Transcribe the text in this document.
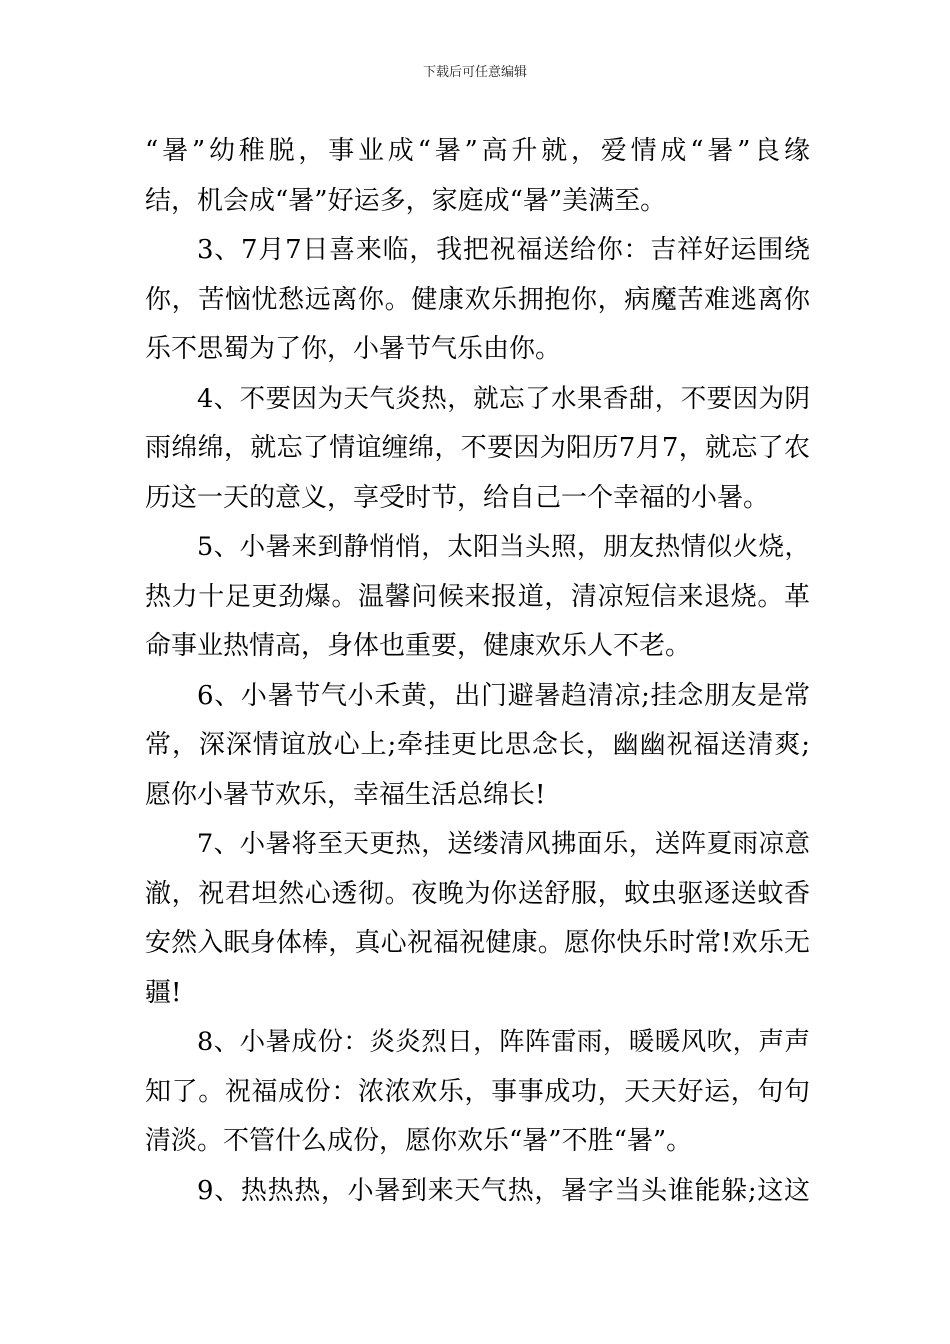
下载后可任意编辑
“暑”幼稚脱，事业成“暑”高升就，爱情成“暑”良缘
结，机会成“暑”好运多，家庭成“暑”美满至。
3、7月7日喜来临，我把祝福送给你：吉祥好运围绕
你，苦恼忧愁远离你。健康欢乐拥抱你，病魔苦难逃离你
乐不思蜀为了你，小暑节气乐由你。
4、不要因为天气炎热，就忘了水果香甜，不要因为阴
雨绵绵，就忘了情谊缠绵，不要因为阳历7月7，就忘了农
历这一天的意义，享受时节，给自己一个幸福的小暑。
5、小暑来到静悄悄，太阳当头照，朋友热情似火烧，
热力十足更劲爆。温馨问候来报道，清凉短信来退烧。革
命事业热情高，身体也重要，健康欢乐人不老。
6、小暑节气小禾黄，出门避暑趋清凉;挂念朋友是常
常，深深情谊放心上;牵挂更比思念长，幽幽祝福送清爽;
愿你小暑节欢乐，幸福生活总绵长!
7、小暑将至天更热，送缕清风拂面乐，送阵夏雨凉意
澈，祝君坦然心透彻。夜晚为你送舒服，蚊虫驱逐送蚊香
安然入眠身体棒，真心祝福祝健康。愿你快乐时常!欢乐无
疆!
8、小暑成份：炎炎烈日，阵阵雷雨，暖暖风吹，声声
知了。祝福成份：浓浓欢乐，事事成功，天天好运，句句
清淡。不管什么成份，愿你欢乐“暑”不胜“暑”。
9、热热热，小暑到来天气热，暑字当头谁能躲;这这
